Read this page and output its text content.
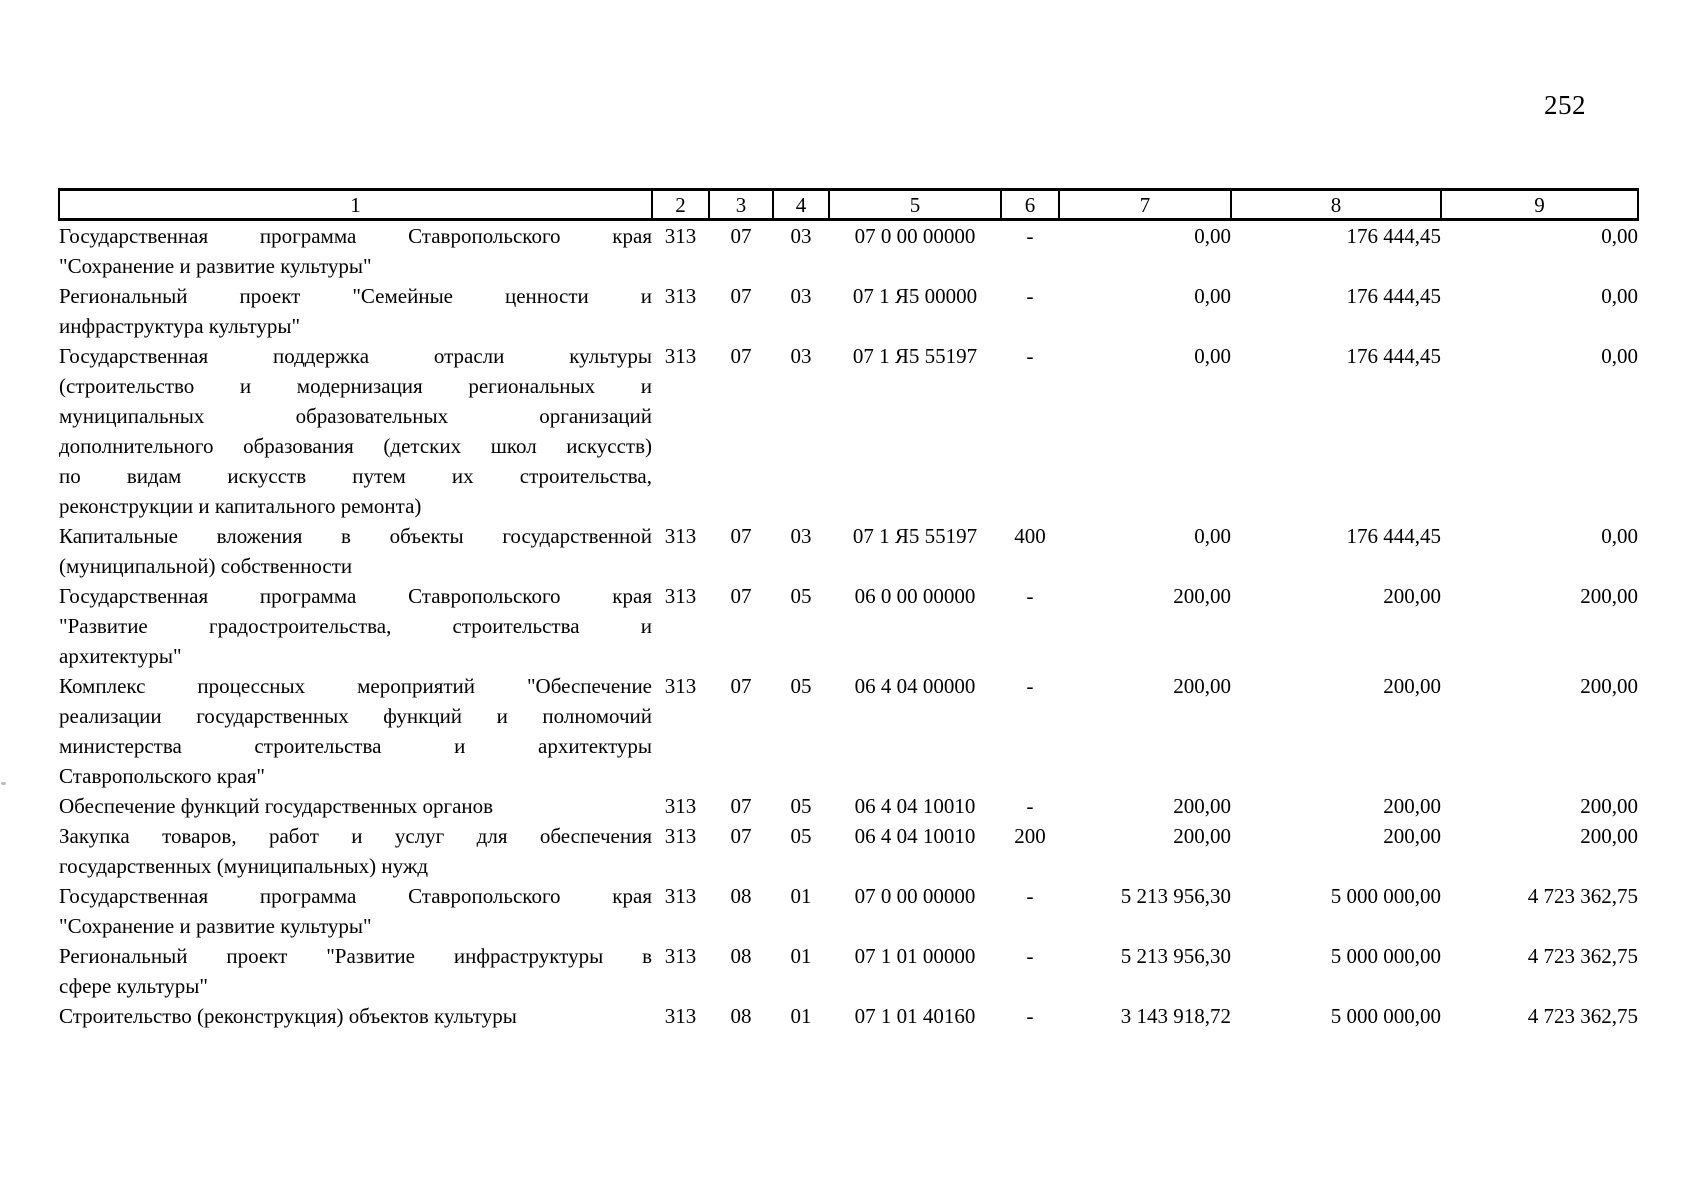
252
1	2	3	4	5	6	7	8	9

Государственная программа Ставропольского края
"Сохранение и развитие культуры"	313	07	03	07 0 00 00000	-	0,00	176 444,45	0,00

Региональный проект "Семейные ценности и
инфраструктура культуры"	313	07	03	07 1 Я5 00000	-	0,00	176 444,45	0,00

Государственная поддержка отрасли культуры
(строительство и модернизация региональных и
муниципальных образовательных организаций
дополнительного образования (детских школ искусств)
по видам искусств путем их строительства,
реконструкции и капитального ремонта)
	313	07	03	07 1 Я5 55197	-	0,00	176 444,45	0,00

Капитальные вложения в объекты государственной
(муниципальной) собственности	313	07	03	07 1 Я5 55197	400	0,00	176 444,45	0,00

Государственная программа Ставропольского края
"Развитие градостроительства, строительства и
архитектуры"	313	07	05	06 0 00 00000	-	200,00	200,00	200,00

Комплекс процессных мероприятий "Обеспечение
реализации государственных функций и полномочий
министерства строительства и архитектуры
Ставропольского края"	313	07	05	06 4 04 00000	-	200,00	200,00	200,00

Обеспечение функций государственных органов	313	07	05	06 4 04 10010	-	200,00	200,00	200,00

Закупка товаров, работ и услуг для обеспечения
государственных (муниципальных) нужд	313	07	05	06 4 04 10010	200	200,00	200,00	200,00

Государственная программа Ставропольского края
"Сохранение и развитие культуры"	313	08	01	07 0 00 00000	-	5 213 956,30	5 000 000,00	4 723 362,75

Региональный проект "Развитие инфраструктуры в
сфере культуры"	313	08	01	07 1 01 00000	-	5 213 956,30	5 000 000,00	4 723 362,75

Строительство (реконструкция) объектов культуры	313	08	01	07 1 01 40160	-	3 143 918,72	5 000 000,00	4 723 362,75
